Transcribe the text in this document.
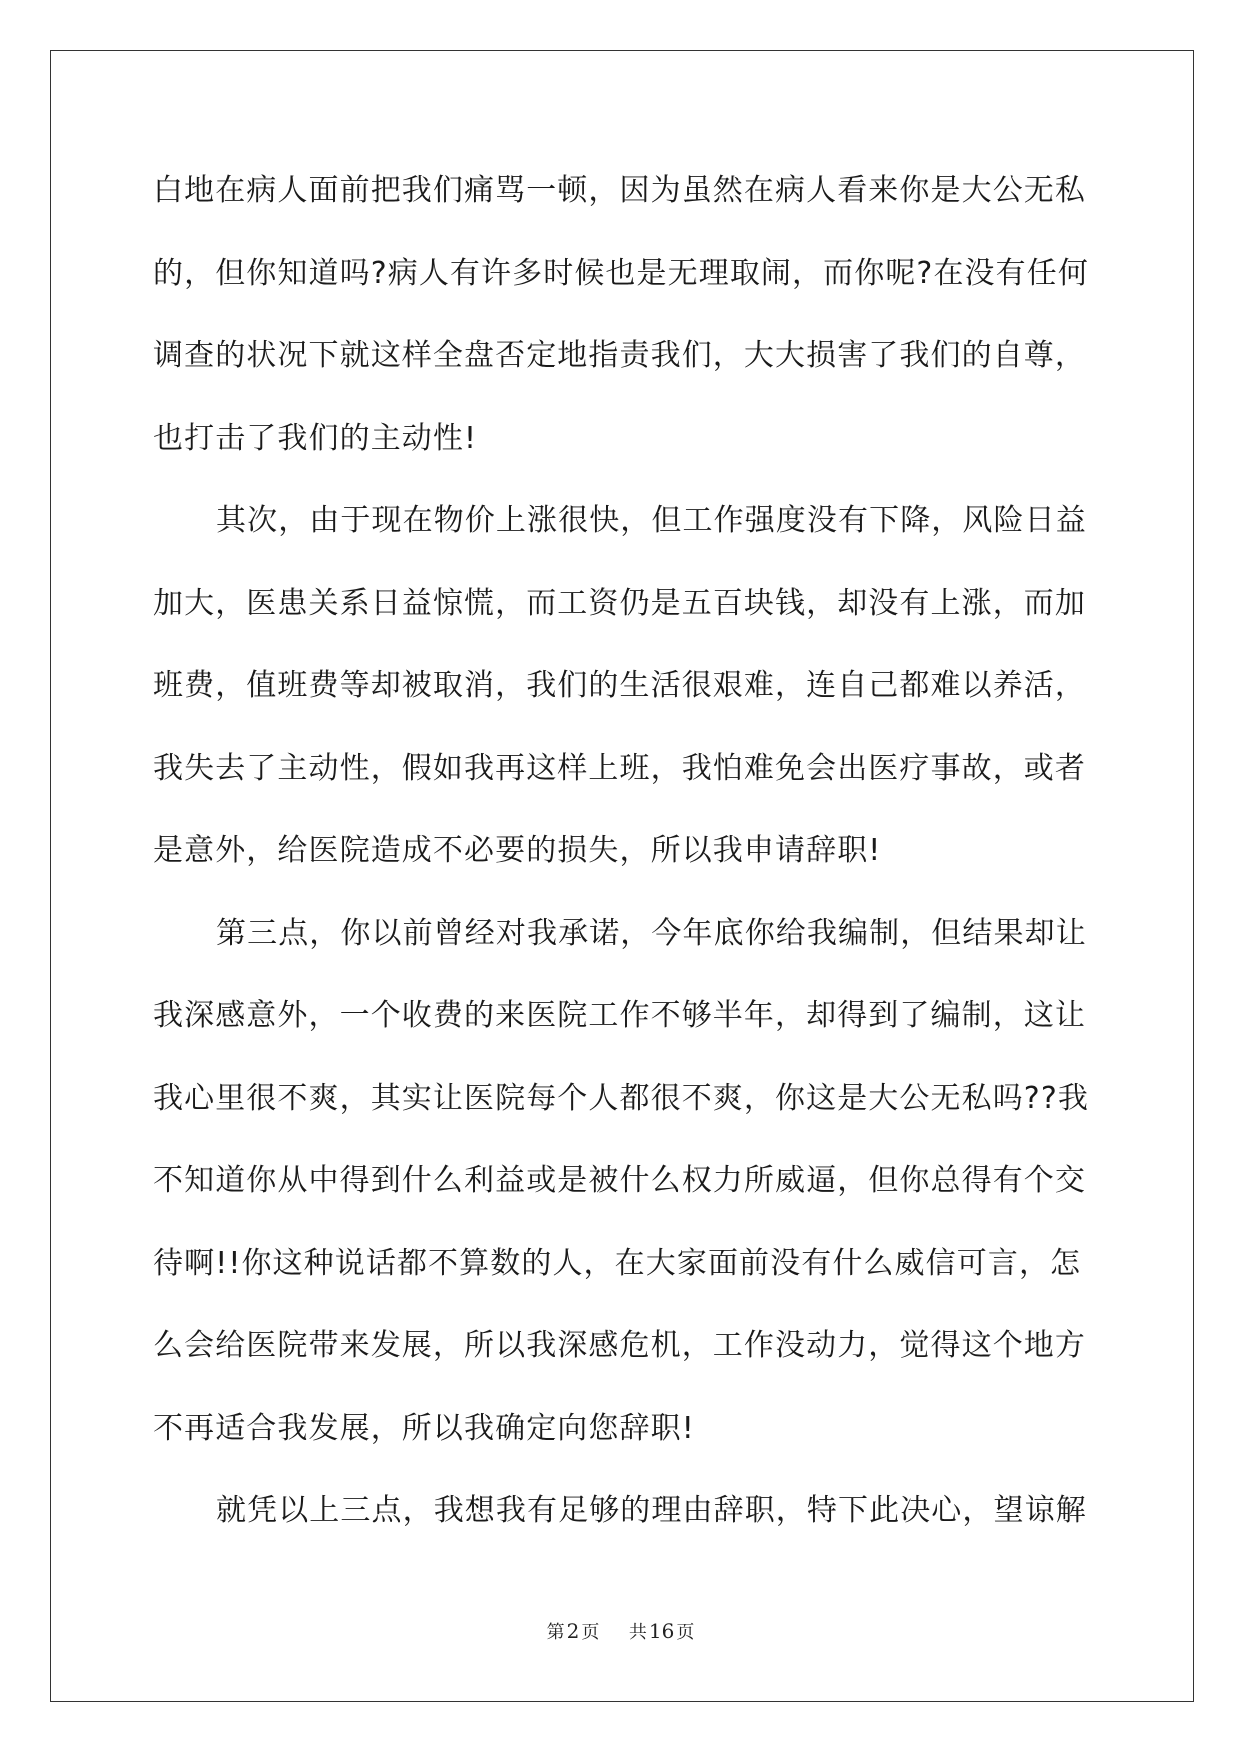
白地在病人面前把我们痛骂一顿，因为虽然在病人看来你是大公无私
的，但你知道吗?病人有许多时候也是无理取闹，而你呢?在没有任何
调查的状况下就这样全盘否定地指责我们，大大损害了我们的自尊，
也打击了我们的主动性!
其次，由于现在物价上涨很快，但工作强度没有下降，风险日益
加大，医患关系日益惊慌，而工资仍是五百块钱，却没有上涨，而加
班费，值班费等却被取消，我们的生活很艰难，连自己都难以养活，
我失去了主动性，假如我再这样上班，我怕难免会出医疗事故，或者
是意外，给医院造成不必要的损失，所以我申请辞职!
第三点，你以前曾经对我承诺，今年底你给我编制，但结果却让
我深感意外，一个收费的来医院工作不够半年，却得到了编制，这让
我心里很不爽，其实让医院每个人都很不爽，你这是大公无私吗??我
不知道你从中得到什么利益或是被什么权力所威逼，但你总得有个交
待啊!!你这种说话都不算数的人，在大家面前没有什么威信可言，怎
么会给医院带来发展，所以我深感危机，工作没动力，觉得这个地方
不再适合我发展，所以我确定向您辞职!
就凭以上三点，我想我有足够的理由辞职，特下此决心，望谅解
第 2 页 共 16 页
